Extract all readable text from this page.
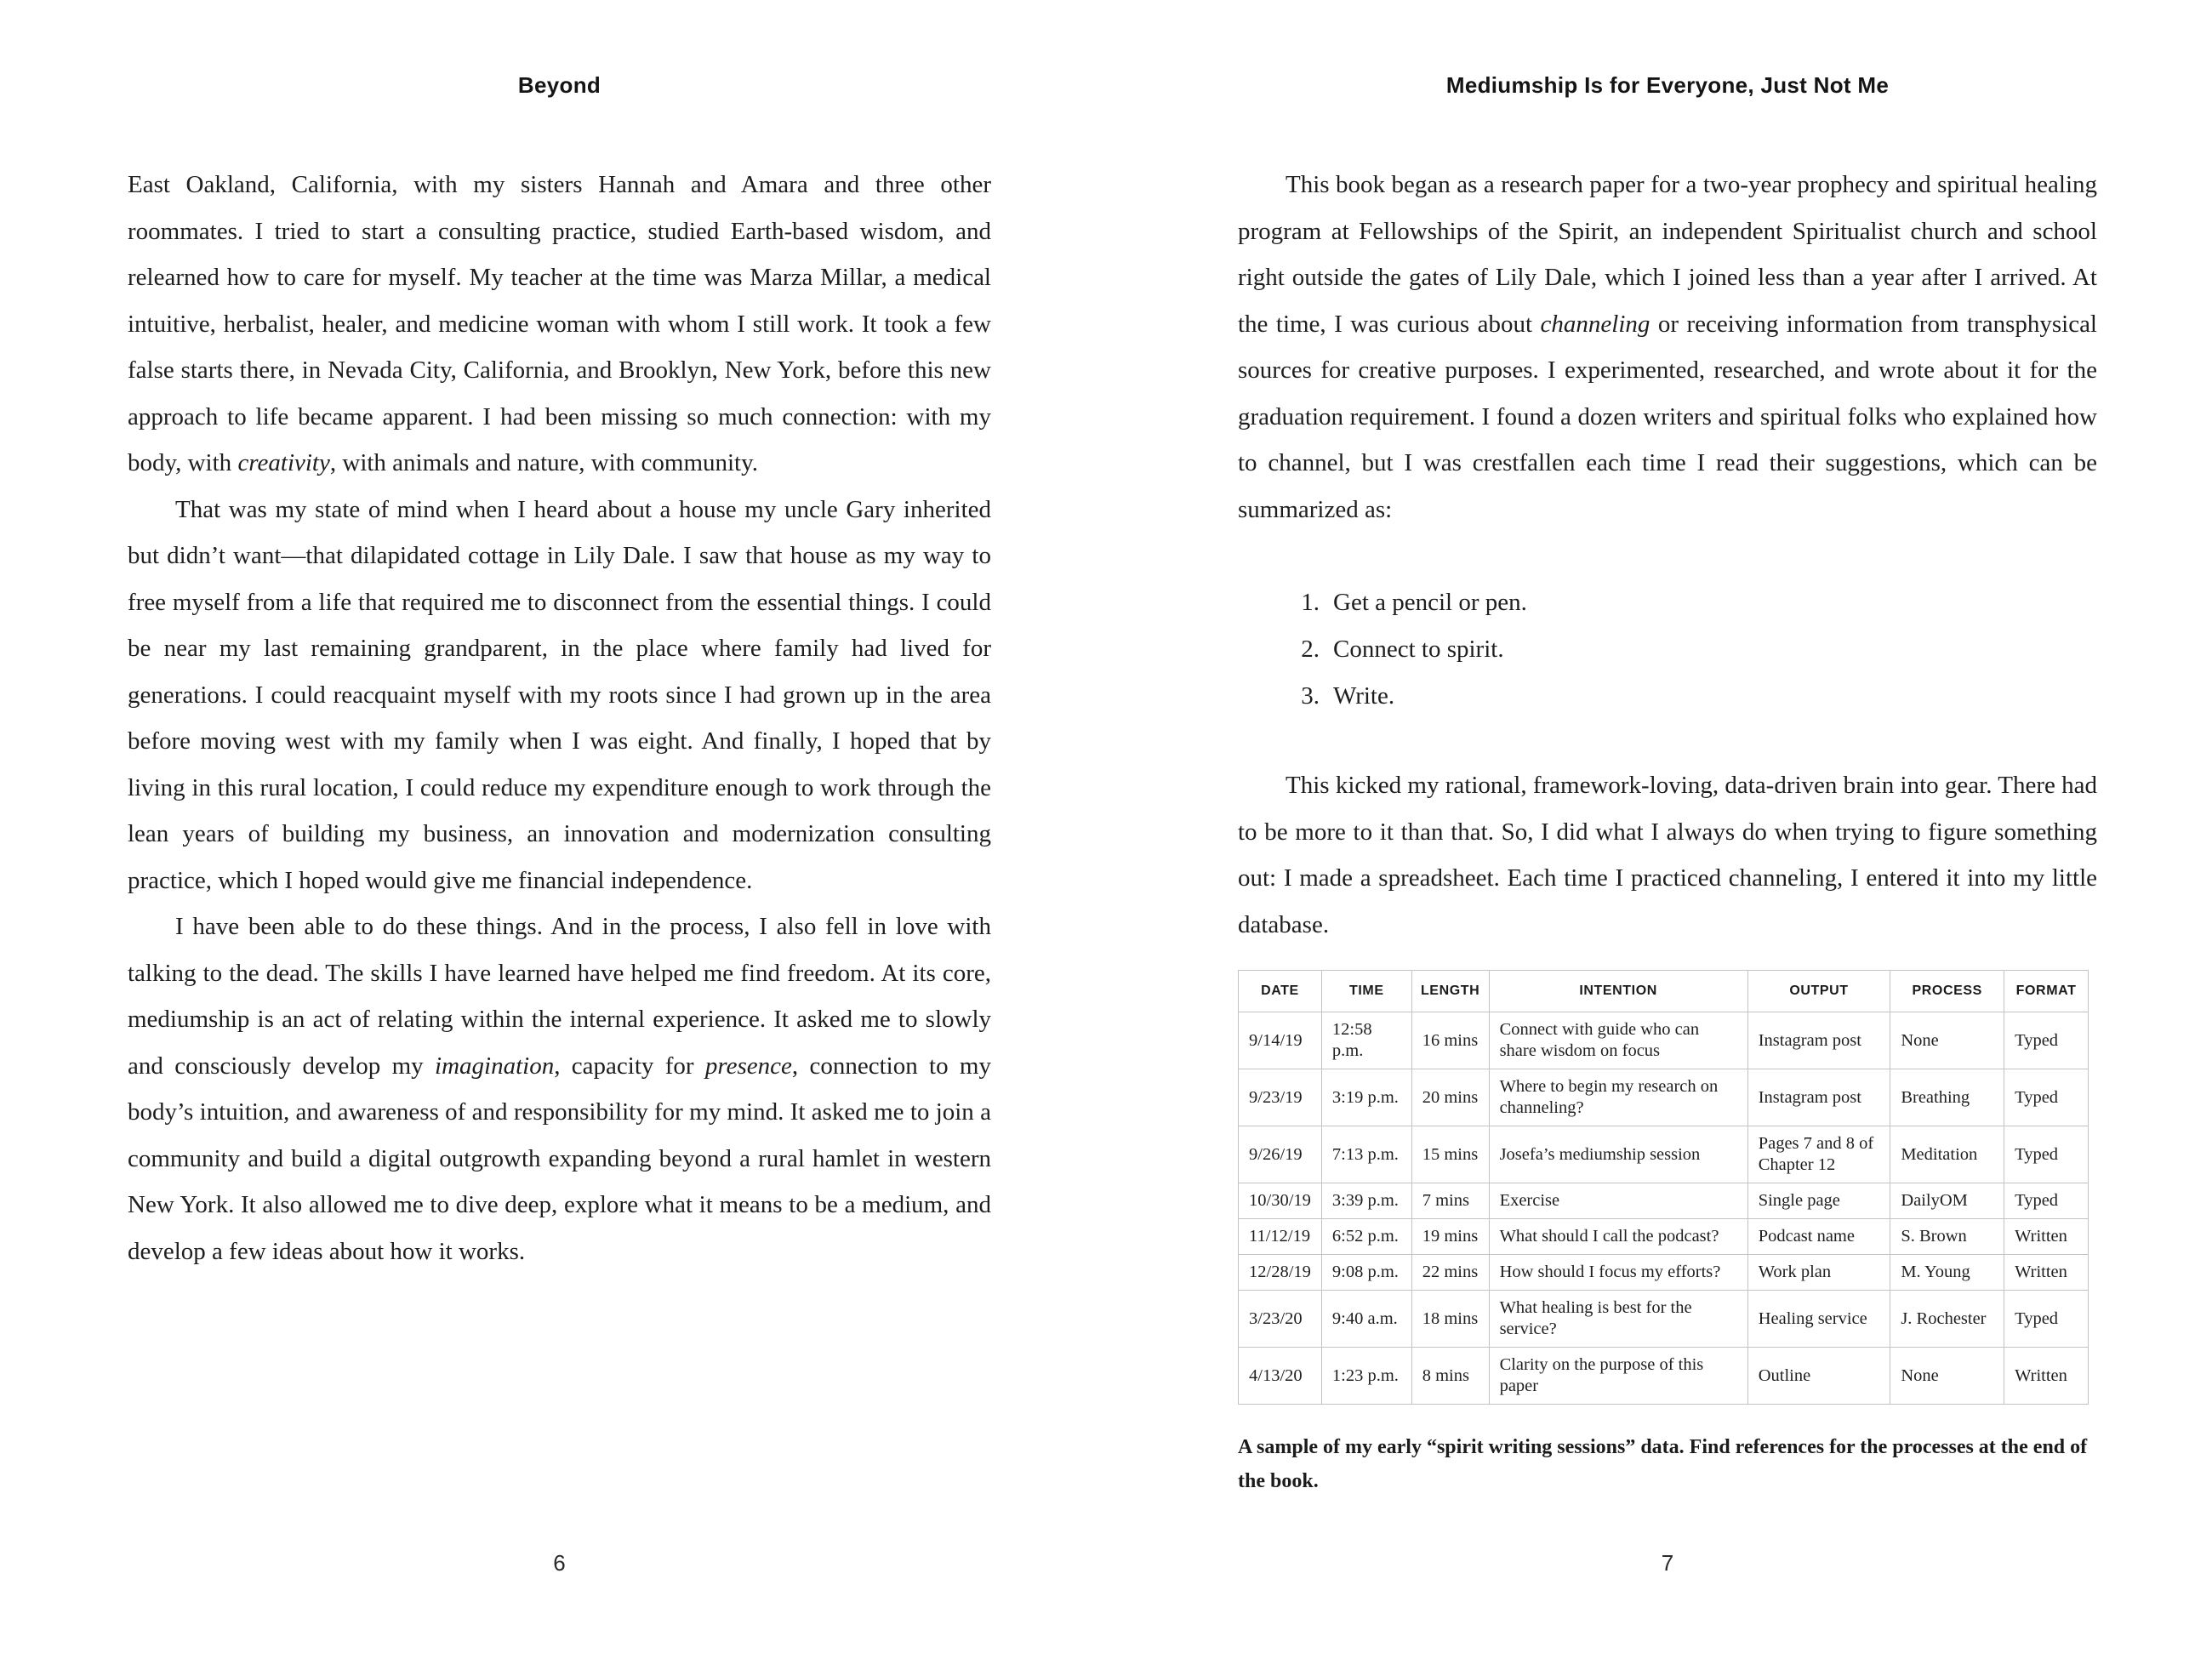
Beyond

East Oakland, California, with my sisters Hannah and Amara and three other roommates. I tried to start a consulting practice, studied Earth-based wisdom, and relearned how to care for myself. My teacher at the time was Marza Millar, a medical intuitive, herbalist, healer, and medicine woman with whom I still work. It took a few false starts there, in Nevada City, California, and Brooklyn, New York, before this new approach to life became apparent. I had been missing so much connection: with my body, with creativity, with animals and nature, with community.

That was my state of mind when I heard about a house my uncle Gary inherited but didn’t want—that dilapidated cottage in Lily Dale. I saw that house as my way to free myself from a life that required me to disconnect from the essential things. I could be near my last remaining grandparent, in the place where family had lived for generations. I could reacquaint myself with my roots since I had grown up in the area before moving west with my family when I was eight. And finally, I hoped that by living in this rural location, I could reduce my expenditure enough to work through the lean years of building my business, an innovation and modernization consulting practice, which I hoped would give me financial independence.

I have been able to do these things. And in the process, I also fell in love with talking to the dead. The skills I have learned have helped me find freedom. At its core, mediumship is an act of relating within the internal experience. It asked me to slowly and consciously develop my imagination, capacity for presence, connection to my body’s intuition, and awareness of and responsibility for my mind. It asked me to join a community and build a digital outgrowth expanding beyond a rural hamlet in western New York. It also allowed me to dive deep, explore what it means to be a medium, and develop a few ideas about how it works.

6
Mediumship Is for Everyone, Just Not Me

This book began as a research paper for a two-year prophecy and spiritual healing program at Fellowships of the Spirit, an independent Spiritualist church and school right outside the gates of Lily Dale, which I joined less than a year after I arrived. At the time, I was curious about channeling or receiving information from transphysical sources for creative purposes. I experimented, researched, and wrote about it for the graduation requirement. I found a dozen writers and spiritual folks who explained how to channel, but I was crestfallen each time I read their suggestions, which can be summarized as:

1. Get a pencil or pen.
2. Connect to spirit.
3. Write.

This kicked my rational, framework-loving, data-driven brain into gear. There had to be more to it than that. So, I did what I always do when trying to figure something out: I made a spreadsheet. Each time I practiced channeling, I entered it into my little database.

DATE	TIME	LENGTH	INTENTION	OUTPUT	PROCESS	FORMAT
9/14/19	12:58 p.m.	16 mins	Connect with guide who can share wisdom on focus	Instagram post	None	Typed
9/23/19	3:19 p.m.	20 mins	Where to begin my research on channeling?	Instagram post	Breathing	Typed
9/26/19	7:13 p.m.	15 mins	Josefa’s mediumship session	Pages 7 and 8 of Chapter 12	Meditation	Typed
10/30/19	3:39 p.m.	7 mins	Exercise	Single page	DailyOM	Typed
11/12/19	6:52 p.m.	19 mins	What should I call the podcast?	Podcast name	S. Brown	Written
12/28/19	9:08 p.m.	22 mins	How should I focus my efforts?	Work plan	M. Young	Written
3/23/20	9:40 a.m.	18 mins	What healing is best for the service?	Healing service	J. Rochester	Typed
4/13/20	1:23 p.m.	8 mins	Clarity on the purpose of this paper	Outline	None	Written

A sample of my early “spirit writing sessions” data. Find references for the processes at the end of the book.

7
